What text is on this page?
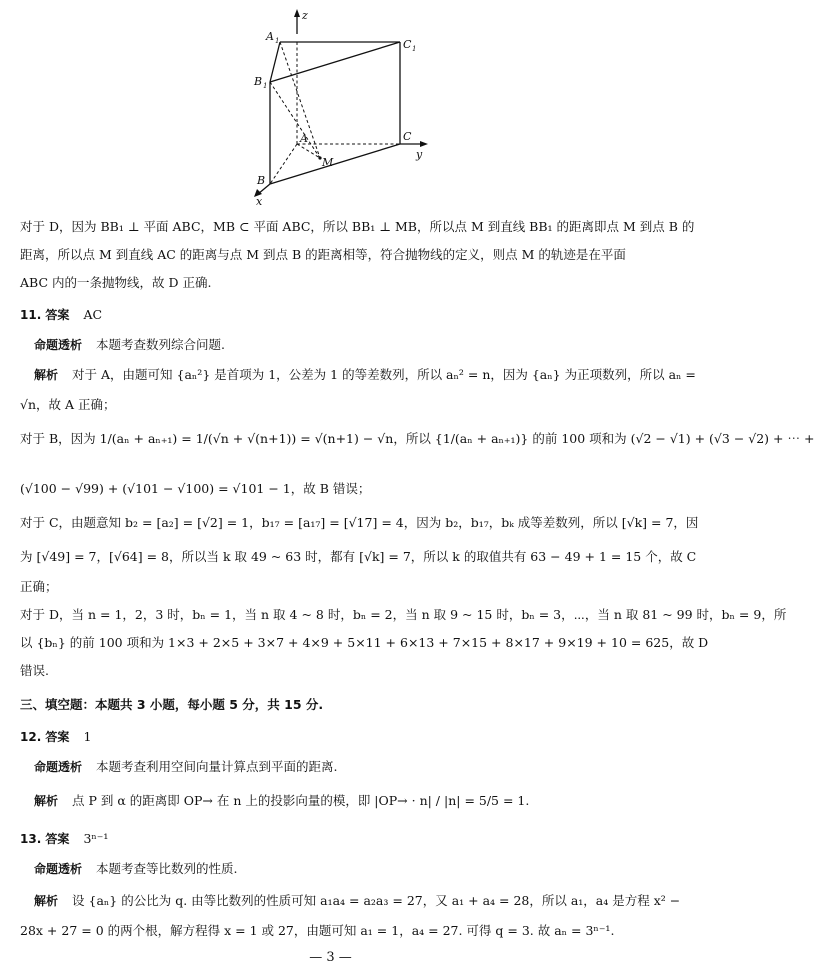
z
y
x
A 1
B 1
C 1
A
B
C
M
对于 D，因为 BB₁ ⊥ 平面 ABC，MB ⊂ 平面 ABC，所以 BB₁ ⊥ MB，所以点 M 到直线 BB₁ 的距离即点 M 到点 B 的
距离，所以点 M 到直线 AC 的距离与点 M 到点 B 的距离相等，符合抛物线的定义，则点 M 的轨迹是在平面
ABC 内的一条抛物线，故 D 正确.
11. 答案 AC
命题透析 本题考查数列综合问题.
解析 对于 A，由题可知 {aₙ²} 是首项为 1，公差为 1 的等差数列，所以 aₙ² = n，因为 {aₙ} 为正项数列，所以 aₙ =
√n，故 A 正确；
对于 B，因为 1/(aₙ + aₙ₊₁) = 1/(√n + √(n+1)) = √(n+1) − √n，所以 {1/(aₙ + aₙ₊₁)} 的前 100 项和为 (√2 − √1) + (√3 − √2) + ⋯ +
(√100 − √99) + (√101 − √100) = √101 − 1，故 B 错误；
对于 C，由题意知 b₂ = [a₂] = [√2] = 1，b₁₇ = [a₁₇] = [√17] = 4，因为 b₂，b₁₇，bₖ 成等差数列，所以 [√k] = 7，因
为 [√49] = 7，[√64] = 8，所以当 k 取 49 ~ 63 时，都有 [√k] = 7，所以 k 的取值共有 63 − 49 + 1 = 15 个，故 C
正确；
对于 D，当 n = 1，2，3 时，bₙ = 1，当 n 取 4 ~ 8 时，bₙ = 2，当 n 取 9 ~ 15 时，bₙ = 3，⋯，当 n 取 81 ~ 99 时，bₙ = 9，所
以 {bₙ} 的前 100 项和为 1×3 + 2×5 + 3×7 + 4×9 + 5×11 + 6×13 + 7×15 + 8×17 + 9×19 + 10 = 625，故 D
错误.
三、填空题：本题共 3 小题，每小题 5 分，共 15 分.
12. 答案 1
命题透析 本题考查利用空间向量计算点到平面的距离.
解析 点 P 到 α 的距离即 OP→ 在 n 上的投影向量的模，即 |OP→ · n| / |n| = 5/5 = 1.
13. 答案 3ⁿ⁻¹
命题透析 本题考查等比数列的性质.
解析 设 {aₙ} 的公比为 q. 由等比数列的性质可知 a₁a₄ = a₂a₃ = 27，又 a₁ + a₄ = 28，所以 a₁，a₄ 是方程 x² −
28x + 27 = 0 的两个根，解方程得 x = 1 或 27，由题可知 a₁ = 1，a₄ = 27. 可得 q = 3. 故 aₙ = 3ⁿ⁻¹.
— 3 —
